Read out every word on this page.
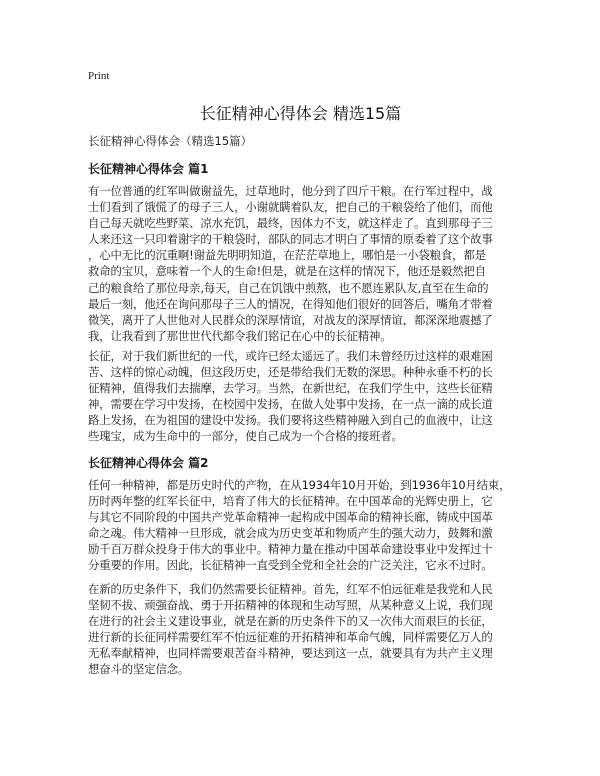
Print
长征精神心得体会 精选15篇
长征精神心得体会（精选15篇）
长征精神心得体会 篇1
有一位普通的红军叫做谢益先，过草地时，他分到了四斤干粮。在行军过程中，战
士们看到了饿慌了的母子三人，小谢就瞒着队友，把自己的干粮袋给了他们，而他
自己每天就吃些野菜、凉水充饥，最终，因体力不支，就这样走了。直到那母子三
人来还这一只印着谢字的干粮袋时，部队的同志才明白了事情的原委着了这个故事
，心中无比的沉重啊!谢益先明明知道，在茫茫草地上，哪怕是一小袋粮食，都是
救命的宝贝，意味着一个人的生命!但是，就是在这样的情况下，他还是毅然把自
己的粮食给了那位母亲,每天，自己在饥饿中煎熬，也不愿连累队友,直至在生命的
最后一刻，他还在询问那母子三人的情况，在得知他们很好的回答后，嘴角才带着
微笑，离开了人世他对人民群众的深厚情谊，对战友的深厚情谊，都深深地震撼了
我，让我看到了那世世代代都令我们铭记在心中的长征精神。
长征，对于我们新世纪的一代，或许已经太遥远了。我们未曾经历过这样的艰难困
苦、这样的惊心动魄，但这段历史，还是带给我们无数的深思。种种永垂不朽的长
征精神，值得我们去揣摩，去学习。当然，在新世纪，在我们学生中，这些长征精
神，需要在学习中发扬，在校园中发扬，在做人处事中发扬，在一点一滴的成长道
路上发扬，在为祖国的建设中发扬。我们要将这些精神融入到自己的血液中，让这
些瑰宝，成为生命中的一部分，使自己成为一个合格的接班者。
长征精神心得体会 篇2
任何一种精神，都是历史时代的产物，在从1934年10月开始，到1936年10月结束，
历时两年整的红军长征中，培育了伟大的长征精神。在中国革命的光辉史册上，它
与其它不同阶段的中国共产党革命精神一起构成中国革命的精神长廊，铸成中国革
命之魂。伟大精神一旦形成，就会成为历史变革和物质产生的强大动力，鼓舞和激
励千百万群众投身于伟大的事业中。精神力量在推动中国革命建设事业中发挥过十
分重要的作用。因此，长征精神一直受到全党和全社会的广泛关注，它永不过时。
在新的历史条件下，我们仍然需要长征精神。首先，红军不怕远征难是我党和人民
坚韧不拔、顽强奋战、勇于开拓精神的体现和生动写照，从某种意义上说，我们现
在进行的社会主义建设事业，就是在新的历史条件下的又一次伟大而艰巨的长征，
进行新的长征同样需要红军不怕远征难的开拓精神和革命气魄，同样需要亿万人的
无私奉献精神，也同样需要艰苦奋斗精神，要达到这一点，就要具有为共产主义理
想奋斗的坚定信念。
